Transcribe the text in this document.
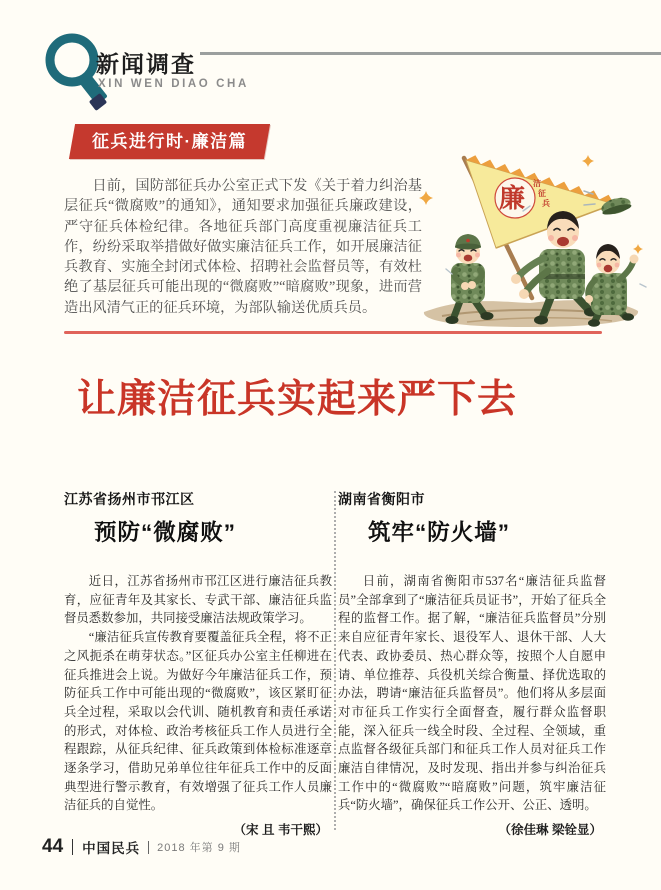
新闻调查
XIN WEN DIAO CHA
征兵进行时·廉洁篇

日前，国防部征兵办公室正式下发《关于着力纠治基层征兵“微腐败”的通知》，通知要求加强征兵廉政建设，严守征兵体检纪律。各地征兵部门高度重视廉洁征兵工作，纷纷采取举措做好做实廉洁征兵工作，如开展廉洁征兵教育、实施全封闭式体检、招聘社会监督员等，有效杜绝了基层征兵可能出现的“微腐败”“暗腐败”现象，进而营造出风清气正的征兵环境，为部队输送优质兵员。

廉
洁
征
兵
让廉洁征兵实起来严下去
江苏省扬州市邗江区
预防“微腐败”

近日，江苏省扬州市邗江区进行廉洁征兵教育，应征青年及其家长、专武干部、廉洁征兵监督员悉数参加，共同接受廉洁法规政策学习。

“廉洁征兵宣传教育要覆盖征兵全程，将不正之风扼杀在萌芽状态。”区征兵办公室主任柳进在征兵推进会上说。为做好今年廉洁征兵工作，预防征兵工作中可能出现的“微腐败”，该区紧盯征兵全过程，采取以会代训、随机教育和责任承诺的形式，对体检、政治考核征兵工作人员进行全程跟踪，从征兵纪律、征兵政策到体检标准逐章逐条学习，借助兄弟单位往年征兵工作中的反面典型进行警示教育，有效增强了征兵工作人员廉洁征兵的自觉性。

（宋 且 韦干熙）
湖南省衡阳市
筑牢“防火墙”

日前，湖南省衡阳市537名“廉洁征兵监督员”全部拿到了“廉洁征兵员证书”，开始了征兵全程的监督工作。据了解，“廉洁征兵监督员”分别来自应征青年家长、退役军人、退休干部、人大代表、政协委员、热心群众等，按照个人自愿申请、单位推荐、兵役机关综合衡量、择优选取的办法，聘请“廉洁征兵监督员”。他们将从多层面对市征兵工作实行全面督查，履行群众监督职能，深入征兵一线全时段、全过程、全领域，重点监督各级征兵部门和征兵工作人员对征兵工作廉洁自律情况，及时发现、指出并参与纠治征兵工作中的“微腐败”“暗腐败”问题，筑牢廉洁征兵“防火墙”，确保征兵工作公开、公正、透明。

（徐佳琳 梁铨显）
44 中国民兵 2018 年第 9 期
